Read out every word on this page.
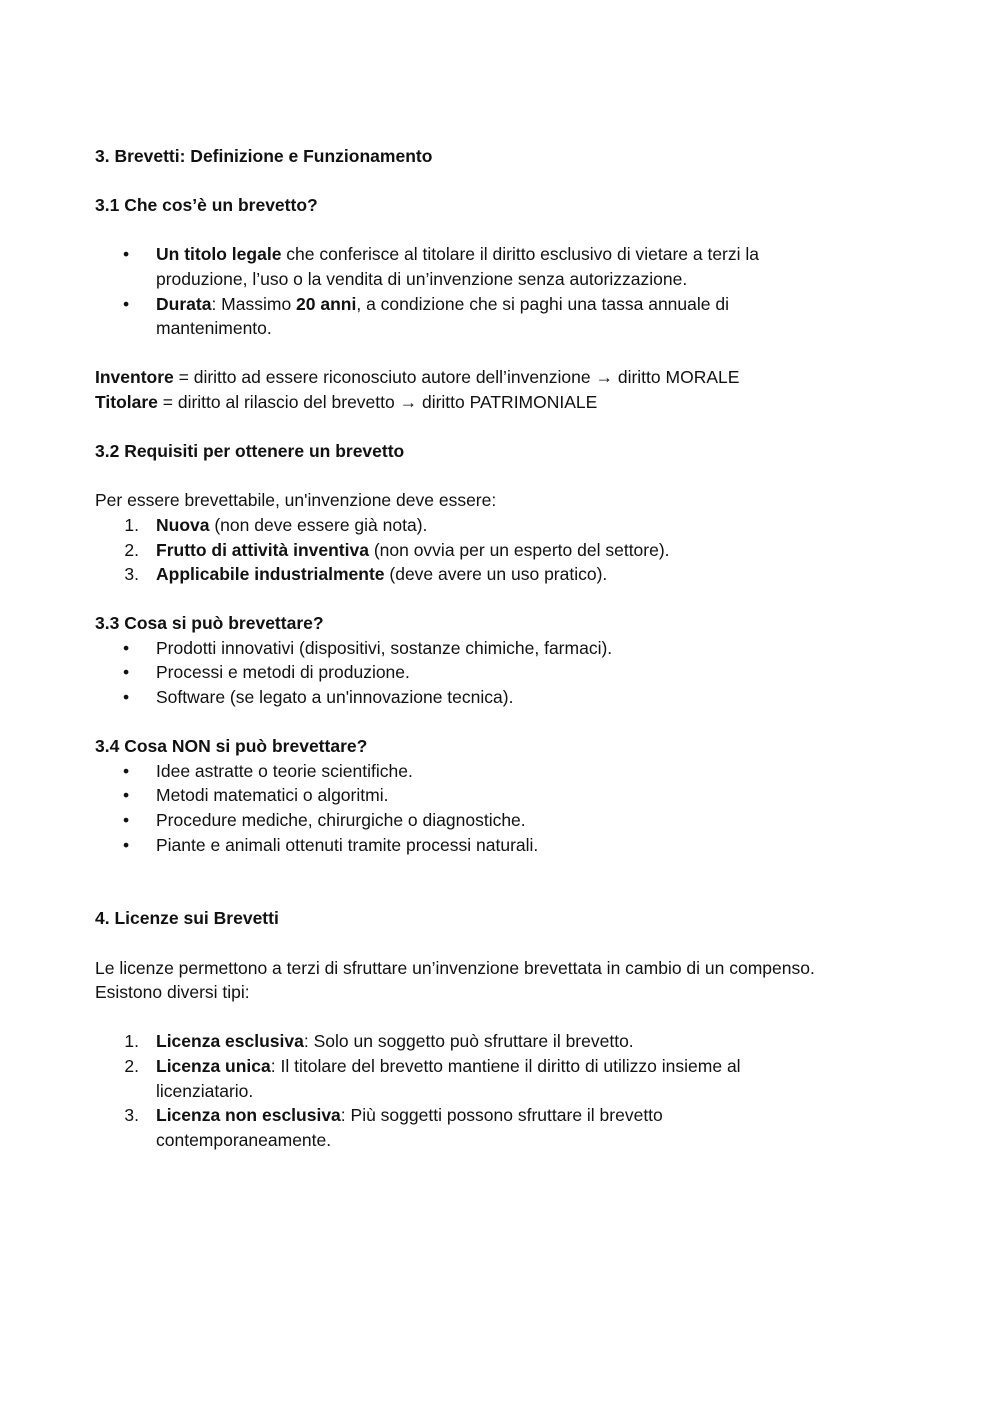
3. Brevetti: Definizione e Funzionamento
3.1 Che cos’è un brevetto?
• Un titolo legale che conferisce al titolare il diritto esclusivo di vietare a terzi la
produzione, l’uso o la vendita di un’invenzione senza autorizzazione.
• Durata: Massimo 20 anni, a condizione che si paghi una tassa annuale di
mantenimento.
Inventore = diritto ad essere riconosciuto autore dell’invenzione → diritto MORALE
Titolare = diritto al rilascio del brevetto → diritto PATRIMONIALE
3.2 Requisiti per ottenere un brevetto
Per essere brevettabile, un'invenzione deve essere:
1. Nuova (non deve essere già nota).
2. Frutto di attività inventiva (non ovvia per un esperto del settore).
3. Applicabile industrialmente (deve avere un uso pratico).
3.3 Cosa si può brevettare?
• Prodotti innovativi (dispositivi, sostanze chimiche, farmaci).
• Processi e metodi di produzione.
• Software (se legato a un'innovazione tecnica).
3.4 Cosa NON si può brevettare?
• Idee astratte o teorie scientifiche.
• Metodi matematici o algoritmi.
• Procedure mediche, chirurgiche o diagnostiche.
• Piante e animali ottenuti tramite processi naturali.
4. Licenze sui Brevetti
Le licenze permettono a terzi di sfruttare un’invenzione brevettata in cambio di un compenso.
Esistono diversi tipi:
1. Licenza esclusiva: Solo un soggetto può sfruttare il brevetto.
2. Licenza unica: Il titolare del brevetto mantiene il diritto di utilizzo insieme al
licenziatario.
3. Licenza non esclusiva: Più soggetti possono sfruttare il brevetto
contemporaneamente.
